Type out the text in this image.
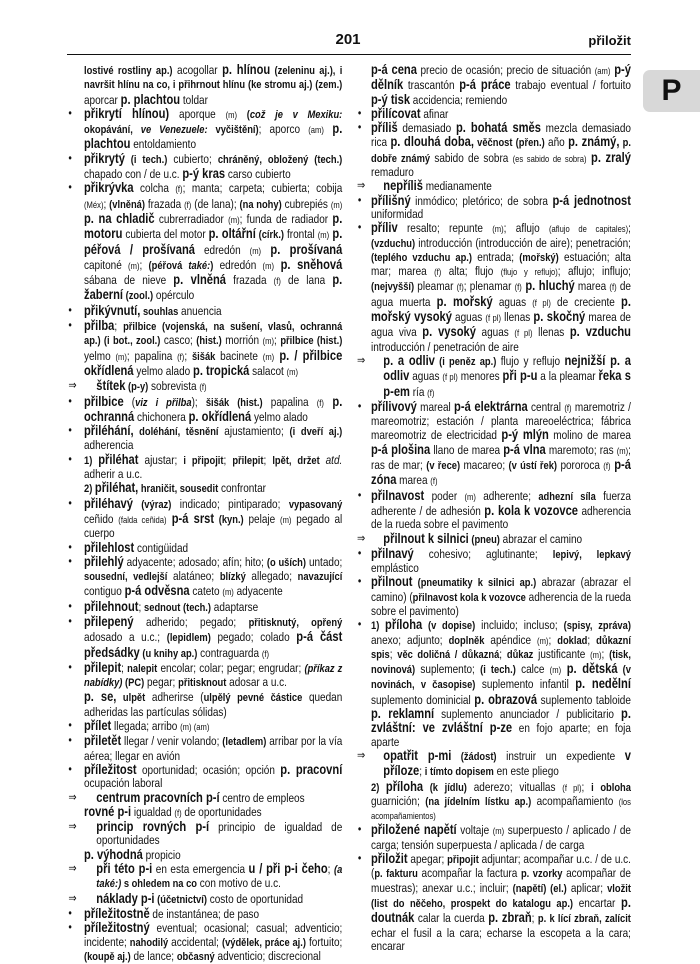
201	přiložit
P
lostivé rostliny ap.) acogollar p. hlínou (zeleninu aj.), i navršit hlínu na co, i přihrnout hlínu (ke stromu aj.) (zem.) aporcar p. plachtou toldar
• přikrytí hlínou) aporque (m) (což je v Mexiku: okopávání, ve Venezuele: vyčištění); aporco (am) p. plachtou entoldamiento
• přikrytý (i tech.) cubierto; chráněný, obložený (tech.) chapado con / de u.c. p-ý kras carso cubierto
• přikrývka colcha (f); manta; carpeta; cubierta; cobija (Méx); (vlněná) frazada (f) (de lana); (na nohy) cubrepiés (m) p. na chladič cubrerradiador (m); funda de radiador p. motoru cubierta del motor p. oltářní (círk.) frontal (m) p. péřová / prošívaná edredón (m) p. prošívaná capitoné (m); (péřová také:) edredón (m) p. sněhová sábana de nieve p. vlněná frazada (f) de lana p. žaberní (zool.) opérculo
• přikývnutí, souhlas anuencia
• přilba; přilbice (vojenská, na sušení, vlasů, ochranná ap.) (i bot., zool.) casco; (hist.) morrión (m); přilbice (hist.) yelmo (m); papalina (f); šišák bacinete (m) p. / přilbice okřídlená yelmo alado p. tropická salacot (m)
⇒ štítek (p-y) sobrevista (f)
• přilbice (viz i přilba); šišák (hist.) papalina (f) p. ochranná chichonera p. okřídlená yelmo alado
• přiléhání, doléhání, těsnění ajustamiento; (i dveří aj.) adherencia
• 1) přiléhat ajustar; i připojit; přilepit; lpět, držet atd. adherir a u.c.
2) přiléhat, hraničit, sousedit confrontar
• přiléhavý (výraz) indicado; pintiparado; vypasovaný ceñido (falda ceñida) p-á srst (kyn.) pelaje (m) pegado al cuerpo
• přilehlost contigüidad
• přilehlý adyacente; adosado; afín; hito; (o uších) untado; sousední, vedlejší alatáneo; blízký allegado; navazující contiguo p-á odvěsna cateto (m) adyacente
• přilehnout; sednout (tech.) adaptarse
• přilepený adherido; pegado; přitisknutý, opřený adosado a u.c.; (lepidlem) pegado; colado p-á část předsádky (u knihy ap.) contraguarda (f)
• přilepit; nalepit encolar; colar; pegar; engrudar; (příkaz z nabídky) (PC) pegar; přitisknout adosar a u.c.
p. se, ulpět adherirse (ulpělý pevné částice quedan adheridas las partículas sólidas)
• přílet llegada; arribo (m) (am)
• přiletět llegar / venir volando; (letadlem) arribar por la vía aérea; llegar en avión
• příležitost oportunidad; ocasión; opción p. pracovní ocupación laboral
⇒ centrum pracovních p-í centro de empleos
rovné p-i igualdad (f) de oportunidades
⇒ princip rovných p-í principio de igualdad de oportunidades
p. výhodná propicio
⇒ při této p-i en esta emergencia u / při p-i čeho; (a také:) s ohledem na co con motivo de u.c.
⇒ náklady p-i (účetnictví) costo de oportunidad
• příležitostně de instantánea; de paso
• příležitostný eventual; ocasional; casual; adventicio; incidente; nahodilý accidental; (výdělek, práce aj.) fortuito; (koupě aj.) de lance; občasný adventicio; discrecional
p-á cena precio de ocasión; precio de situación (am) p-ý dělník trascantón p-á práce trabajo eventual / fortuito p-ý tisk accidencia; remiendo
• přilícovat afinar
• příliš demasiado p. bohatá směs mezcla demasiado rica p. dlouhá doba, věčnost (přen.) año p. známý, p. dobře známý sabido de sobra (es sabido de sobra) p. zralý remaduro
⇒ nepříliš medianamente
• přílišný inmódico; pletórico; de sobra p-á jednotnost uniformidad
• příliv resalto; repunte (m); aflujo (aflujo de capitales); (vzduchu) introducción (introducción de aire); penetración; (teplého vzduchu ap.) entrada; (mořský) estuación; alta mar; marea (f) alta; flujo (flujo y reflujo); aflujo; influjo; (nejvyšší) pleamar (f); plenamar (f) p. hluchý marea (f) de agua muerta p. mořský aguas (f pl) de creciente p. mořský vysoký aguas (f pl) llenas p. skočný marea de agua viva p. vysoký aguas (f pl) llenas p. vzduchu introducción / penetración de aire
⇒ p. a odliv (i peněz ap.) flujo y reflujo nejnižší p. a odliv aguas (f pl) menores při p-u a la pleamar řeka s p-em ría (f)
• přílivový mareal p-á elektrárna central (f) maremotriz / mareomotriz; estación / planta mareoeléctrica; fábrica mareomotriz de electricidad p-ý mlýn molino de marea p-á plošina llano de marea p-á vlna maremoto; ras (m); ras de mar; (v řece) macareo; (v ústí řek) pororoca (f) p-á zóna marea (f)
• přilnavost poder (m) adherente; adhezní síla fuerza adherente / de adhesión p. kola k vozovce adherencia de la rueda sobre el pavimento
⇒ přilnout k silnici (pneu) abrazar el camino
• přilnavý cohesivo; aglutinante; lepivý, lepkavý emplástico
• přilnout (pneumatiky k silnici ap.) abrazar (abrazar el camino) (přilnavost kola k vozovce adherencia de la rueda sobre el pavimento)
• 1) příloha (v dopise) incluido; incluso; (spisy, zpráva) anexo; adjunto; doplněk apéndice (m); doklad; důkazní spis; věc doličná / důkazná; důkaz justificante (m); (tisk, novinová) suplemento; (i tech.) calce (m) p. dětská (v novinách, v časopise) suplemento infantil p. nedělní suplemento dominicial p. obrazová suplemento tabloide p. reklamní suplemento anunciador / publicitario p. zvláštní: ve zvláštní p-ze en fojo aparte; en foja aparte
⇒ opatřit p-mi (žádost) instruir un expediente v příloze; i tímto dopisem en este pliego
2) příloha (k jídlu) aderezo; vituallas (f pl); i obloha guarnición; (na jídelním lístku ap.) acompañamiento (los acompañamientos)
• přiložené napětí voltaje (m) superpuesto / aplicado / de carga; tensión superpuesta / aplicada / de carga
• přiložit apegar; připojit adjuntar; acompañar u.c. / de u.c. (p. fakturu acompañar la factura p. vzorky acompañar de muestras); anexar u.c.; incluir; (napětí) (el.) aplicar; vložit (list do něčeho, prospekt do katalogu ap.) encartar p. doutnák calar la cuerda p. zbraň; p. k lící zbraň, zalícit echar el fusil a la cara; echarse la escopeta a la cara; encarar
